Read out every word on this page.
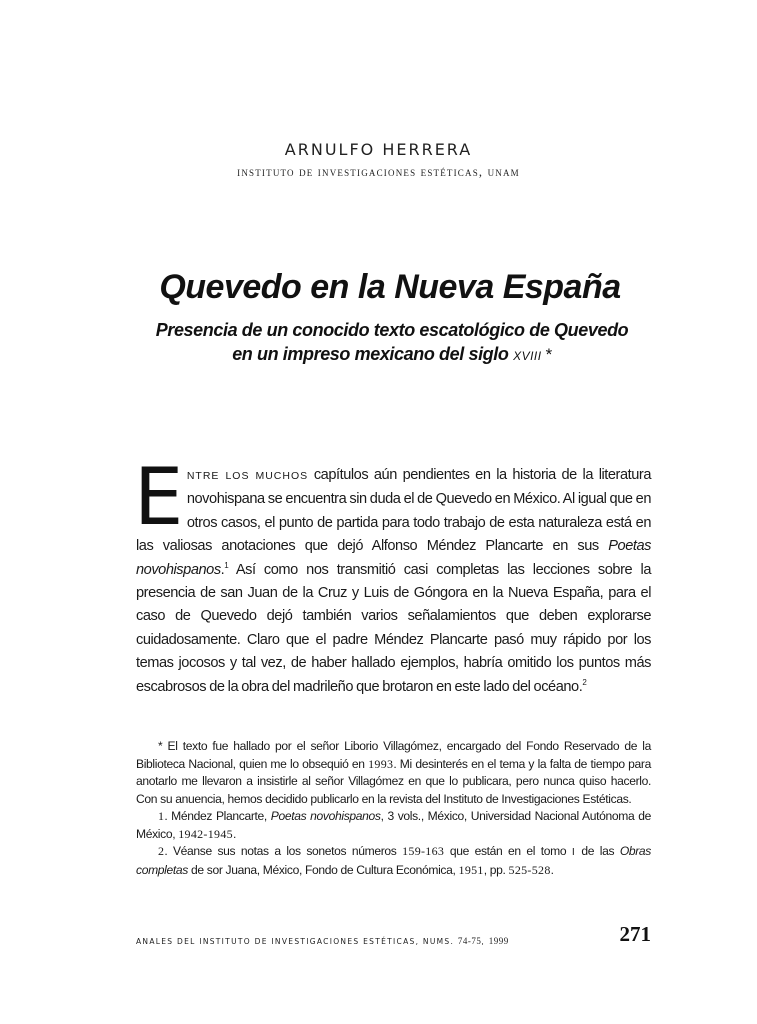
ARNULFO HERRERA
instituto de investigaciones estéticas, unam
Quevedo en la Nueva España
Presencia de un conocido texto escatológico de Quevedo
en un impreso mexicano del siglo XVIII *

ENTRE LOS MUCHOS capítulos aún pendientes en la historia de la literatura novohispana se encuentra sin duda el de Quevedo en México. Al igual que en otros casos, el punto de partida para todo trabajo de esta naturaleza está en las valiosas anotaciones que dejó Alfonso Méndez Plancarte en sus Poetas novohispanos.$^1$ Así como nos transmitió casi completas las lecciones sobre la presencia de san Juan de la Cruz y Luis de Góngora en la Nueva España, para el caso de Quevedo dejó también varios señalamientos que deben explorarse cuidadosamente. Claro que el padre Méndez Plancarte pasó muy rápido por los temas jocosos y tal vez, de haber hallado ejemplos, habría omitido los puntos más escabrosos de la obra del madrileño que brotaron en este lado del océano.$^2$

* El texto fue hallado por el señor Liborio Villagómez, encargado del Fondo Reservado de la Biblioteca Nacional, quien me lo obsequió en 1993. Mi desinterés en el tema y la falta de tiempo para anotarlo me llevaron a insistirle al señor Villagómez en que lo publicara, pero nunca quiso hacerlo. Con su anuencia, hemos decidido publicarlo en la revista del Instituto de Investigaciones Estéticas.

1. Méndez Plancarte, Poetas novohispanos, 3 vols., México, Universidad Nacional Autónoma de México, 1942-1945.

2. Véanse sus notas a los sonetos números 159-163 que están en el tomo I de las Obras completas de sor Juana, México, Fondo de Cultura Económica, 1951, pp. 525-528.

ANALES DEL INSTITUTO DE INVESTIGACIONES ESTÉTICAS, NUMS. 74-75, 1999	271
